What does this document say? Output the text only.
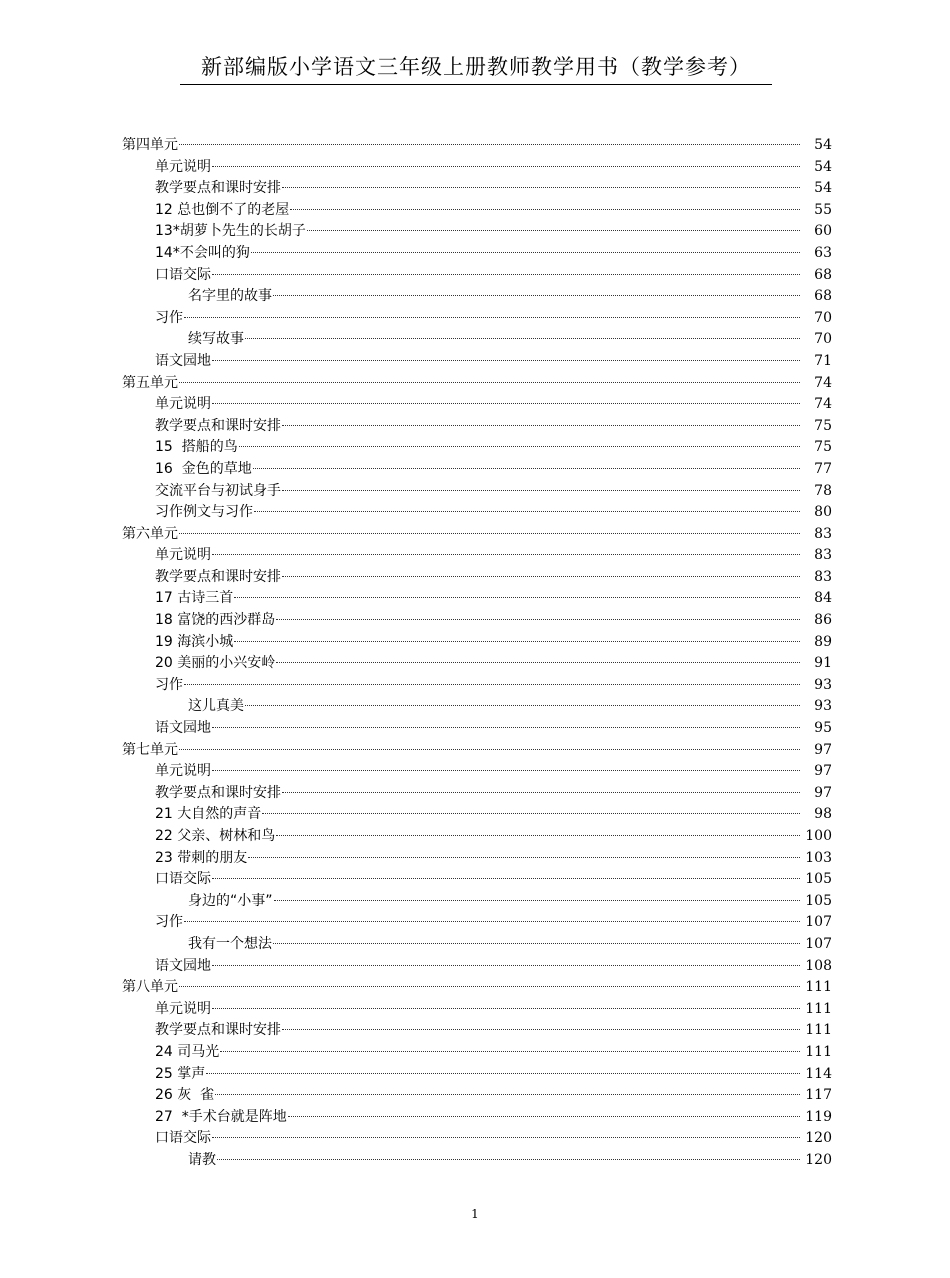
新部编版小学语文三年级上册教师教学用书（教学参考）
第四单元	54
单元说明	54
教学要点和课时安排	54
12 总也倒不了的老屋	55
13*胡萝卜先生的长胡子	60
14*不会叫的狗	63
口语交际	68
名字里的故事	68
习作	70
续写故事	70
语文园地	71
第五单元	74
单元说明	74
教学要点和课时安排	75
15  搭船的鸟	75
16  金色的草地	77
交流平台与初试身手	78
习作例文与习作	80
第六单元	83
单元说明	83
教学要点和课时安排	83
17 古诗三首	84
18 富饶的西沙群岛	86
19 海滨小城	89
20 美丽的小兴安岭	91
习作	93
这儿真美	93
语文园地	95
第七单元	97
单元说明	97
教学要点和课时安排	97
21 大自然的声音	98
22 父亲、树林和鸟	100
23 带刺的朋友	103
口语交际	105
身边的“小事”	105
习作	107
我有一个想法	107
语文园地	108
第八单元	111
单元说明	111
教学要点和课时安排	111
24 司马光	111
25 掌声	114
26 灰  雀	117
27  *手术台就是阵地	119
口语交际	120
请教	120
1
